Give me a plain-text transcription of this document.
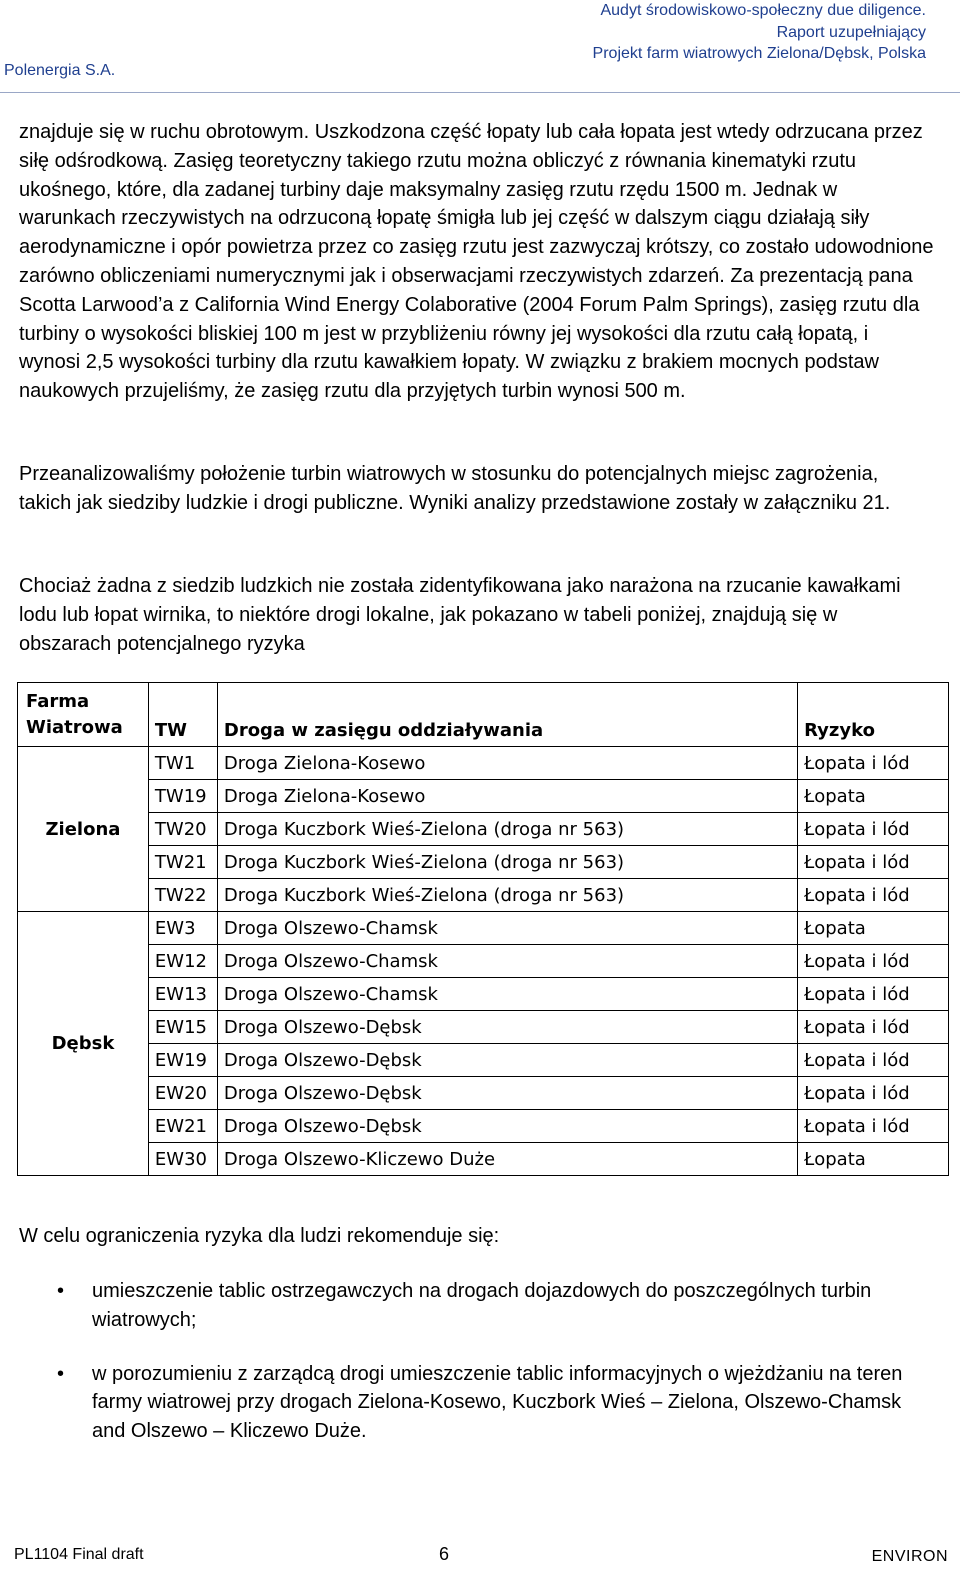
Polenergia S.A.
Audyt środowiskowo-społeczny due diligence.
Raport uzupełniający
Projekt farm wiatrowych Zielona/Dębsk, Polska

znajduje się w ruchu obrotowym. Uszkodzona część łopaty lub cała łopata jest wtedy odrzucana przez siłę odśrodkową. Zasięg teoretyczny takiego rzutu można obliczyć z równania kinematyki rzutu ukośnego, które, dla zadanej turbiny daje maksymalny zasięg rzutu rzędu 1500 m. Jednak w warunkach rzeczywistych na odrzuconą łopatę śmigła lub jej część w dalszym ciągu działają siły aerodynamiczne i opór powietrza przez co zasięg rzutu jest zazwyczaj krótszy, co zostało udowodnione zarówno obliczeniami numerycznymi jak i obserwacjami rzeczywistych zdarzeń. Za prezentacją pana Scotta Larwood’a z California Wind Energy Colaborative (2004 Forum Palm Springs), zasięg rzutu dla turbiny o wysokości bliskiej 100 m jest w przybliżeniu równy jej wysokości dla rzutu całą łopatą, i wynosi 2,5 wysokości turbiny dla rzutu kawałkiem łopaty. W związku z brakiem mocnych podstaw naukowych przujeliśmy, że zasięg rzutu dla przyjętych turbin wynosi 500 m.

Przeanalizowaliśmy położenie turbin wiatrowych w stosunku do potencjalnych miejsc zagrożenia, takich jak siedziby ludzkie i drogi publiczne. Wyniki analizy przedstawione zostały w załączniku 21.

Chociaż żadna z siedzib ludzkich nie została zidentyfikowana jako narażona na rzucanie kawałkami lodu lub łopat wirnika, to niektóre drogi lokalne, jak pokazano w tabeli poniżej, znajdują się w obszarach potencjalnego ryzyka

Farma
Wiatrowa	TW	Droga w zasięgu oddziaływania	Ryzyko
Zielona	TW1	Droga Zielona-Kosewo	Łopata i lód
	TW19	Droga Zielona-Kosewo	Łopata
	TW20	Droga Kuczbork Wieś-Zielona (droga nr 563)	Łopata i lód
	TW21	Droga Kuczbork Wieś-Zielona (droga nr 563)	Łopata i lód
	TW22	Droga Kuczbork Wieś-Zielona (droga nr 563)	Łopata i lód
Dębsk	EW3	Droga Olszewo-Chamsk	Łopata
	EW12	Droga Olszewo-Chamsk	Łopata i lód
	EW13	Droga Olszewo-Chamsk	Łopata i lód
	EW15	Droga Olszewo-Dębsk	Łopata i lód
	EW19	Droga Olszewo-Dębsk	Łopata i lód
	EW20	Droga Olszewo-Dębsk	Łopata i lód
	EW21	Droga Olszewo-Dębsk	Łopata i lód
	EW30	Droga Olszewo-Kliczewo Duże	Łopata

W celu ograniczenia ryzyka dla ludzi rekomenduje się:

• umieszczenie tablic ostrzegawczych na drogach dojazdowych do poszczególnych turbin wiatrowych;
• w porozumieniu z zarządcą drogi umieszczenie tablic informacyjnych o wjeżdżaniu na teren farmy wiatrowej przy drogach Zielona-Kosewo, Kuczbork Wieś – Zielona, Olszewo-Chamsk and Olszewo – Kliczewo Duże.
PL1104 Final draft	6	ENVIRON
